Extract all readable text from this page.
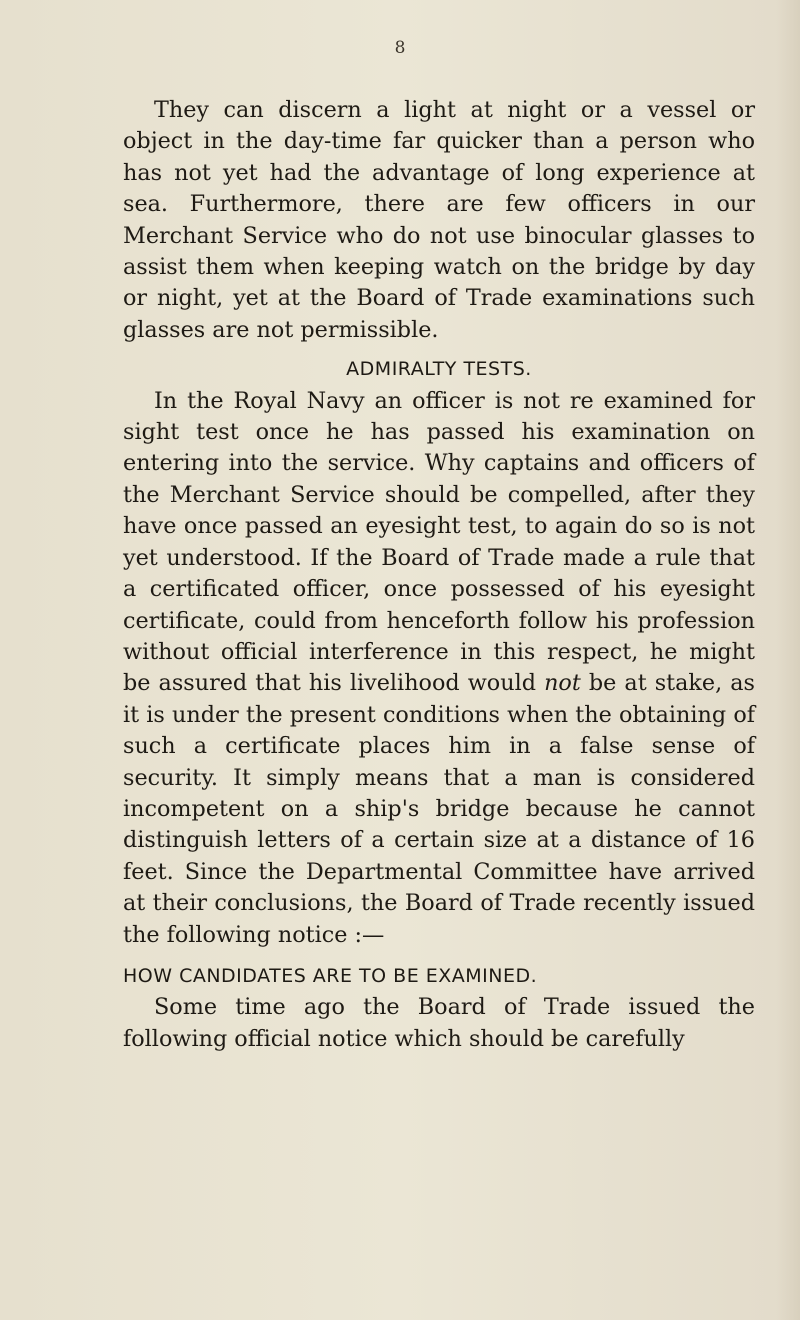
8

They can discern a light at night or a vessel or object in the day-time far quicker than a person who has not yet had the advantage of long experience at sea. Furthermore, there are few officers in our Merchant Service who do not use binocular glasses to assist them when keeping watch on the bridge by day or night, yet at the Board of Trade examinations such glasses are not permissible.

ADMIRALTY TESTS.

In the Royal Navy an officer is not re examined for sight test once he has passed his examination on entering into the service. Why captains and officers of the Merchant Service should be compelled, after they have once passed an eyesight test, to again do so is not yet understood. If the Board of Trade made a rule that a certificated officer, once possessed of his eyesight certificate, could from henceforth follow his profession without official interference in this respect, he might be assured that his livelihood would not be at stake, as it is under the present conditions when the obtaining of such a certificate places him in a false sense of security. It simply means that a man is considered incompetent on a ship's bridge because he cannot distinguish letters of a certain size at a distance of 16 feet. Since the Departmental Committee have arrived at their conclusions, the Board of Trade recently issued the following notice :—

HOW CANDIDATES ARE TO BE EXAMINED.

Some time ago the Board of Trade issued the following official notice which should be carefully
